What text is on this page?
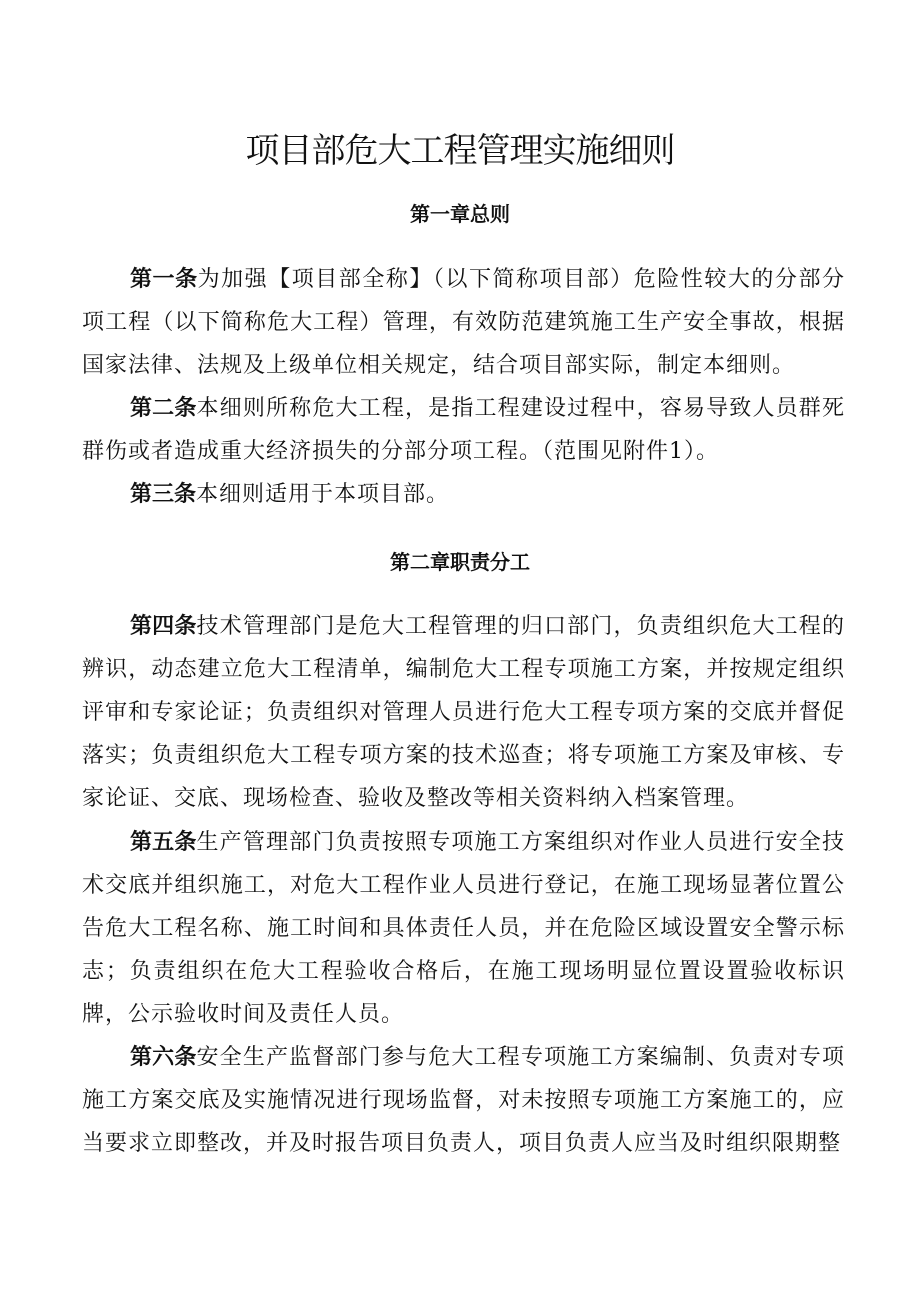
项目部危大工程管理实施细则
第一章总则

第一条为加强【项目部全称】（以下简称项目部）危险性较大的分部分项工程（以下简称危大工程）管理，有效防范建筑施工生产安全事故，根据国家法律、法规及上级单位相关规定，结合项目部实际，制定本细则。

第二条本细则所称危大工程，是指工程建设过程中，容易导致人员群死群伤或者造成重大经济损失的分部分项工程。（范围见附件1）。

第三条本细则适用于本项目部。

第二章职责分工

第四条技术管理部门是危大工程管理的归口部门，负责组织危大工程的辨识，动态建立危大工程清单，编制危大工程专项施工方案，并按规定组织评审和专家论证；负责组织对管理人员进行危大工程专项方案的交底并督促落实；负责组织危大工程专项方案的技术巡查；将专项施工方案及审核、专家论证、交底、现场检查、验收及整改等相关资料纳入档案管理。

第五条生产管理部门负责按照专项施工方案组织对作业人员进行安全技术交底并组织施工，对危大工程作业人员进行登记，在施工现场显著位置公告危大工程名称、施工时间和具体责任人员，并在危险区域设置安全警示标志；负责组织在危大工程验收合格后，在施工现场明显位置设置验收标识牌，公示验收时间及责任人员。

第六条安全生产监督部门参与危大工程专项施工方案编制、负责对专项施工方案交底及实施情况进行现场监督，对未按照专项施工方案施工的，应当要求立即整改，并及时报告项目负责人，项目负责人应当及时组织限期整
